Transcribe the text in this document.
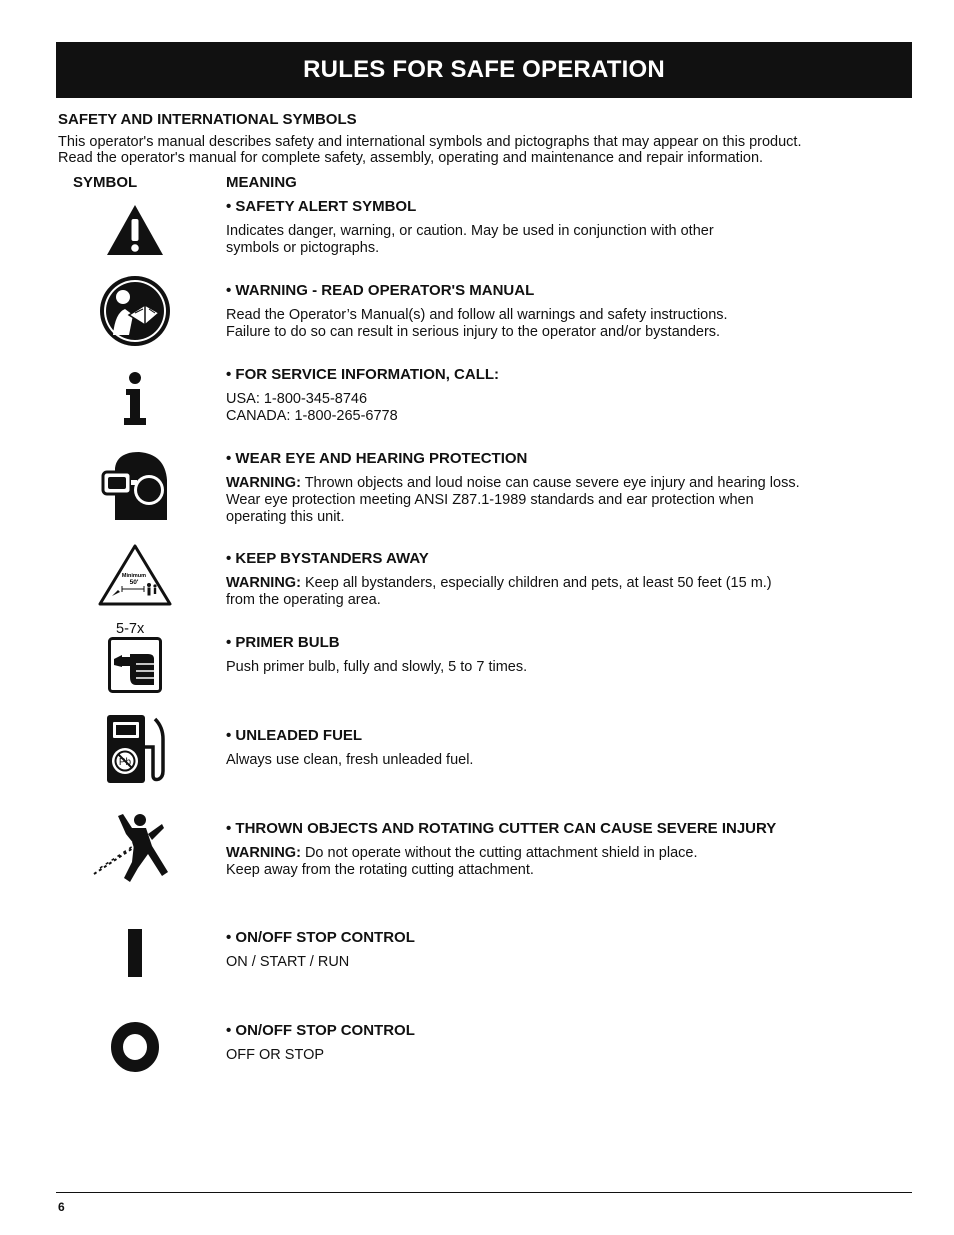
RULES FOR SAFE OPERATION
SAFETY AND INTERNATIONAL SYMBOLS

This operator's manual describes safety and international symbols and pictographs that may appear on this product.

Read the operator's manual for complete safety, assembly, operating and maintenance and repair information.

SYMBOL	MEANING

• SAFETY ALERT SYMBOL

Indicates danger, warning, or caution. May be used in conjunction with other
symbols or pictographs.

• WARNING - READ OPERATOR'S MANUAL

Read the Operator’s Manual(s) and follow all warnings and safety instructions.
Failure to do so can result in serious injury to the operator and/or bystanders.

• FOR SERVICE INFORMATION, CALL:

USA: 1-800-345-8746
CANADA: 1-800-265-6778

• WEAR EYE AND HEARING PROTECTION

WARNING: Thrown objects and loud noise can cause severe eye injury and hearing loss.
Wear eye protection meeting ANSI Z87.1-1989 standards and ear protection when
operating this unit.

Minimum
50'

• KEEP BYSTANDERS AWAY

WARNING: Keep all bystanders, especially children and pets, at least 50 feet (15 m.)
from the operating area.

5-7x

• PRIMER BULB

Push primer bulb, fully and slowly, 5 to 7 times.

Pb

• UNLEADED FUEL

Always use clean, fresh unleaded fuel.

• THROWN OBJECTS AND ROTATING CUTTER CAN CAUSE SEVERE INJURY

WARNING: Do not operate without the cutting attachment shield in place.
Keep away from the rotating cutting attachment.

• ON/OFF STOP CONTROL

ON / START / RUN

• ON/OFF STOP CONTROL

OFF OR STOP

6
